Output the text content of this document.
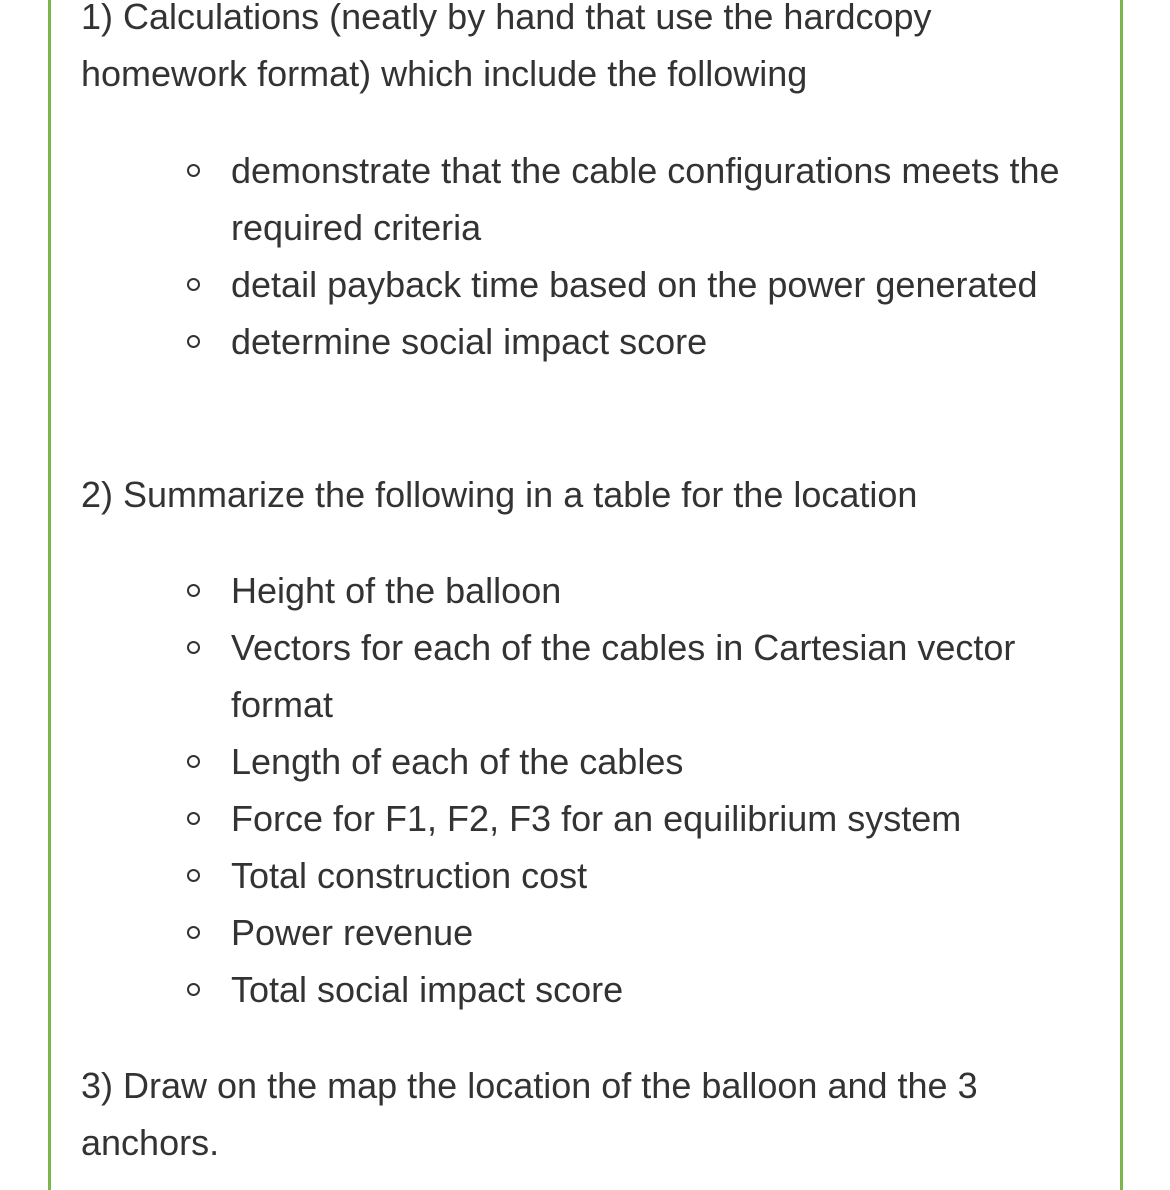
1) Calculations (neatly by hand that use the hardcopy homework format) which include the following

demonstrate that the cable configurations meets the required criteria
detail payback time based on the power generated
determine social impact score

2) Summarize the following in a table for the location

Height of the balloon
Vectors for each of the cables in Cartesian vector format
Length of each of the cables
Force for F1, F2, F3 for an equilibrium system
Total construction cost
Power revenue
Total social impact score

3) Draw on the map the location of the balloon and the 3 anchors.
